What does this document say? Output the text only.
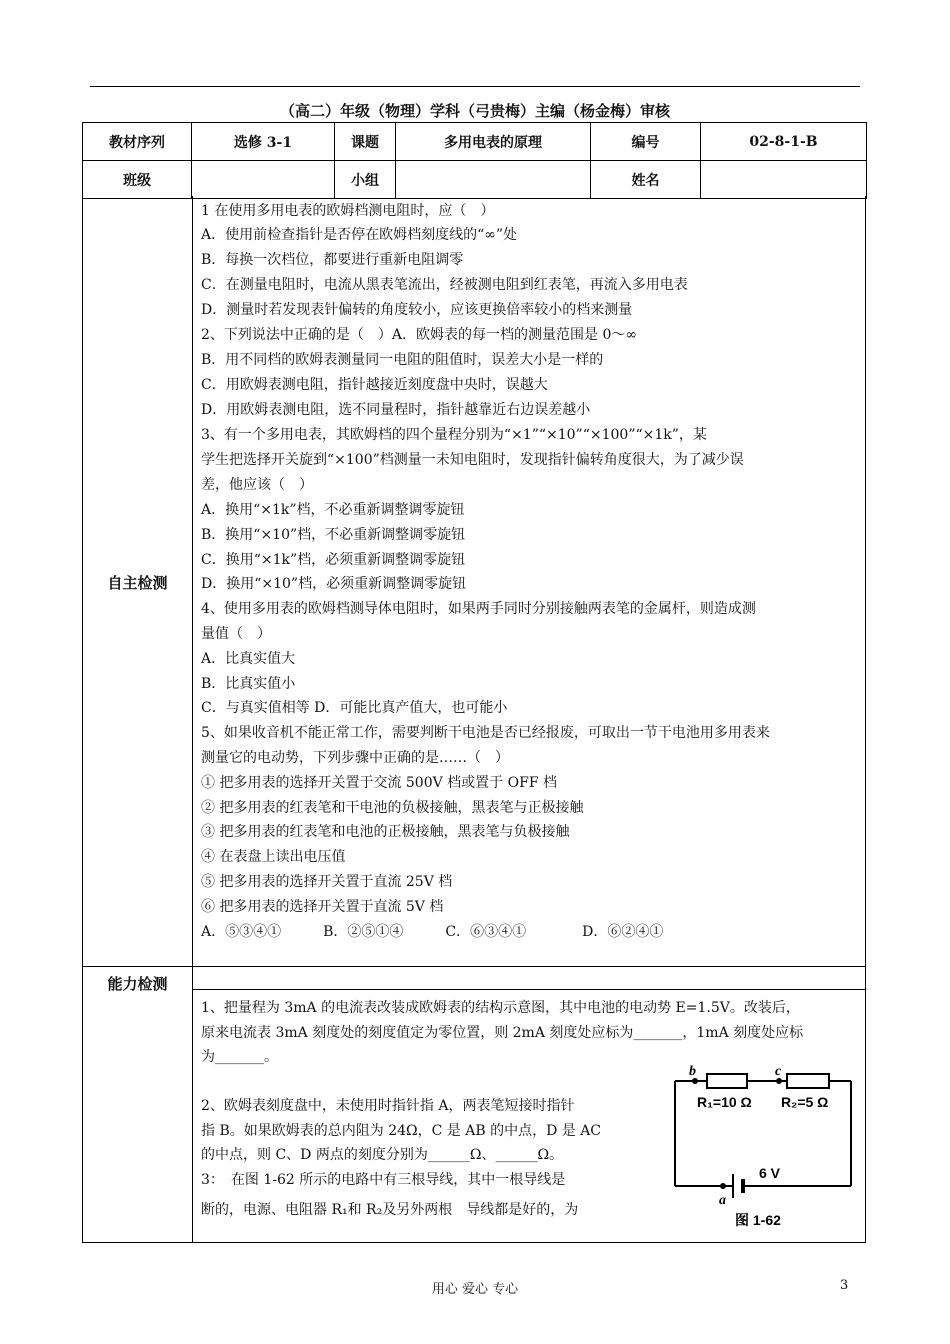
（高二）年级（物理）学科（弓贵梅）主编（杨金梅）审核
教材序列	选修 3-1	课题	多用电表的原理	编号	02-8-1-B
班级		小组		姓名	
自主检测
1 在使用多用电表的欧姆档测电阻时，应（　）
A．使用前检查指针是否停在欧姆档刻度线的“∞”处
B．每换一次档位，都要进行重新电阻调零
C．在测量电阻时，电流从黑表笔流出，经被测电阻到红表笔，再流入多用电表
D．测量时若发现表针偏转的角度较小，应该更换倍率较小的档来测量
2、下列说法中正确的是（　）A．欧姆表的每一档的测量范围是 0～∞
B．用不同档的欧姆表测量同一电阻的阻值时，误差大小是一样的
C．用欧姆表测电阻，指针越接近刻度盘中央时，误越大
D．用欧姆表测电阻，选不同量程时，指针越靠近右边误差越小
3、有一个多用电表，其欧姆档的四个量程分别为“×1”“×10”“×100”“×1k”，某
学生把选择开关旋到“×100”档测量一未知电阻时，发现指针偏转角度很大，为了减少误
差，他应该（　）
A．换用“×1k”档，不必重新调整调零旋钮
B．换用“×10”档，不必重新调整调零旋钮
C．换用“×1k”档，必须重新调整调零旋钮
D．换用“×10”档，必须重新调整调零旋钮
4、使用多用表的欧姆档测导体电阻时，如果两手同时分别接触两表笔的金属杆，则造成测
量值（　）
A．比真实值大
B．比真实值小
C．与真实值相等 D．可能比真产值大，也可能小
5、如果收音机不能正常工作，需要判断干电池是否已经报废，可取出一节干电池用多用表来
测量它的电动势，下列步骤中正确的是……（　）
① 把多用表的选择开关置于交流 500V 档或置于 OFF 档
② 把多用表的红表笔和干电池的负极接触，黑表笔与正极接触
③ 把多用表的红表笔和电池的正极接触，黑表笔与负极接触
④ 在表盘上读出电压值
⑤ 把多用表的选择开关置于直流 25V 档
⑥ 把多用表的选择开关置于直流 5V 档
A．⑤③④①　　　B．②⑤①④　　　C．⑥③④①　　　　D．⑥②④①
能力检测
1、把量程为 3mA 的电流表改装成欧姆表的结构示意图，其中电池的电动势 E=1.5V。改装后，
原来电流表 3mA 刻度处的刻度值定为零位置，则 2mA 刻度处应标为_______，1mA 刻度处应标
为_______。
2、欧姆表刻度盘中，未使用时指针指 A，两表笔短接时指针
指 B。如果欧姆表的总内阻为 24Ω，C 是 AB 的中点，D 是 AC
的中点，则 C、D 两点的刻度分别为______Ω、______Ω。
3：　在图 1-62 所示的电路中有三根导线，其中一根导线是
断的，电源、电阻器 R₁和 R₂及另外两根　导线都是好的，为
b	c
a
R₁=10 Ω R₂=5 Ω
6 V
图 1-62
用心 爱心 专心	3
